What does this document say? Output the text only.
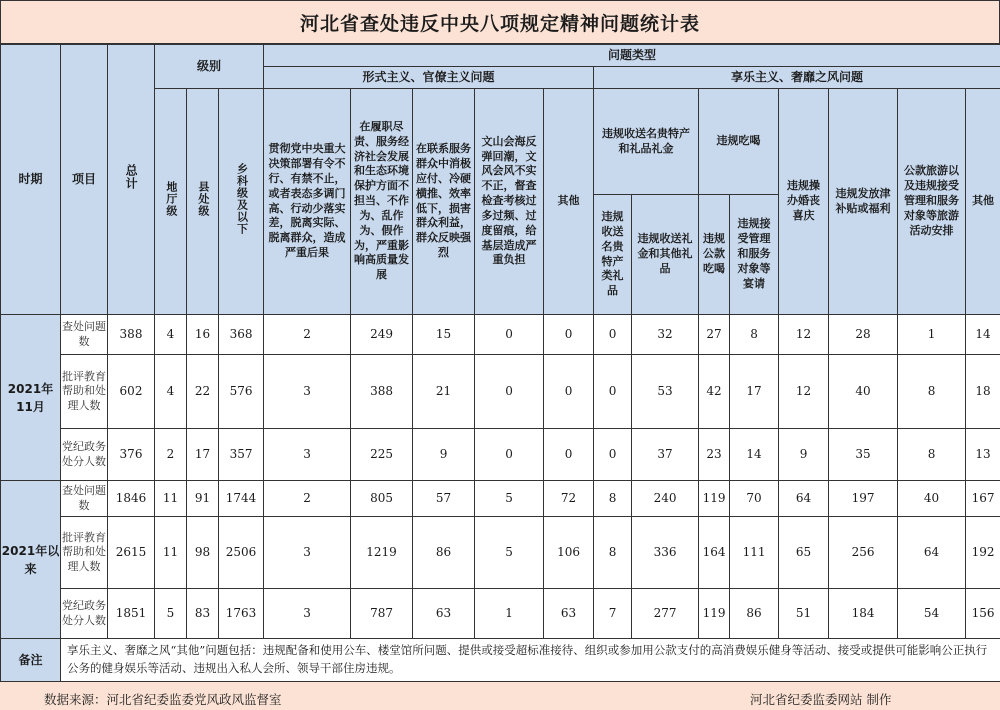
河北省查处违反中央八项规定精神问题统计表
时期	项目	总计	级别			问题类型												
						形式主义、官僚主义问题					享乐主义、奢靡之风问题							
			地厅级	县处级	乡科级及以下	贯彻党中央重大决策部署有令不行、有禁不止，或者表态多调门高、行动少落实差，脱离实际、脱离群众，造成严重后果	在履职尽责、服务经济社会发展和生态环境保护方面不担当、不作为、乱作为、假作为，严重影响高质量发展	在联系服务群众中消极应付、冷硬横推、效率低下，损害群众利益，群众反映强烈	文山会海反弹回潮，文风会风不实不正，督查检查考核过多过频、过度留痕，给基层造成严重负担	其他	违规收送名贵特产和礼品礼金		违规吃喝		违规操办婚丧喜庆	违规发放津补贴或福利	公款旅游以及违规接受管理和服务对象等旅游活动安排	其他
											违规收送名贵特产类礼品	违规收送礼金和其他礼品	违规公款吃喝	违规接受管理和服务对象等宴请				
2021年11月	查处问题数	388	4	16	368	2	249	15	0	0	0	32	27	8	12	28	1	14
	批评教育帮助和处理人数	602	4	22	576	3	388	21	0	0	0	53	42	17	12	40	8	18
	党纪政务处分人数	376	2	17	357	3	225	9	0	0	0	37	23	14	9	35	8	13
2021年以来	查处问题数	1846	11	91	1744	2	805	57	5	72	8	240	119	70	64	197	40	167
	批评教育帮助和处理人数	2615	11	98	2506	3	1219	86	5	106	8	336	164	111	65	256	64	192
	党纪政务处分人数	1851	5	83	1763	3	787	63	1	63	7	277	119	86	51	184	54	156
备注	享乐主义、奢靡之风“其他”问题包括：违规配备和使用公车、楼堂馆所问题、提供或接受超标准接待、组织或参加用公款支付的高消费娱乐健身等活动、接受或提供可能影响公正执行公务的健身娱乐等活动、违规出入私人会所、领导干部住房违规。																	
数据来源：河北省纪委监委党风政风监督室	河北省纪委监委网站 制作
